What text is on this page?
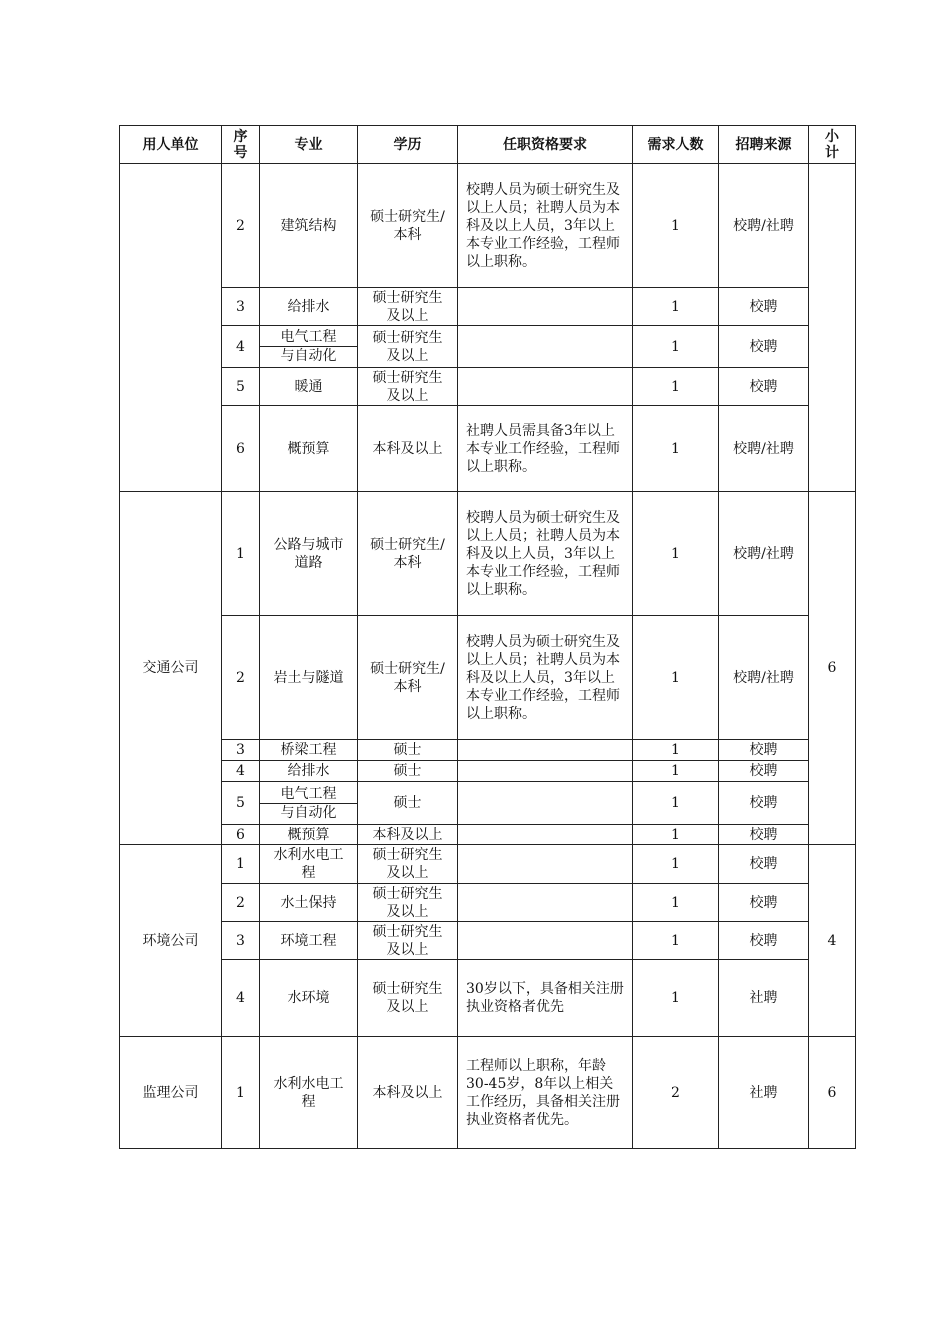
用人单位	序号	专业	学历	任职资格要求	需求人数	招聘来源	小计
	2	建筑结构	硕士研究生/本科	校聘人员为硕士研究生及以上人员；社聘人员为本科及以上人员，3年以上本专业工作经验，工程师以上职称。	1	校聘/社聘	
	3	给排水	硕士研究生及以上		1	校聘	
	4	电气工程
与自动化	硕士研究生及以上		1	校聘	
	5	暖通	硕士研究生及以上		1	校聘	
	6	概预算	本科及以上	社聘人员需具备3年以上本专业工作经验，工程师以上职称。	1	校聘/社聘	
交通公司	1	公路与城市道路	硕士研究生/本科	校聘人员为硕士研究生及以上人员；社聘人员为本科及以上人员，3年以上本专业工作经验，工程师以上职称。	1	校聘/社聘	6
	2	岩土与隧道	硕士研究生/本科	校聘人员为硕士研究生及以上人员；社聘人员为本科及以上人员，3年以上本专业工作经验，工程师以上职称。	1	校聘/社聘	
	3	桥梁工程	硕士		1	校聘	
	4	给排水	硕士		1	校聘	
	5	电气工程
与自动化	硕士		1	校聘	
	6	概预算	本科及以上		1	校聘	
环境公司	1	水利水电工程	硕士研究生及以上		1	校聘	4
	2	水土保持	硕士研究生及以上		1	校聘	
	3	环境工程	硕士研究生及以上		1	校聘	
	4	水环境	硕士研究生及以上	30岁以下，具备相关注册执业资格者优先	1	社聘	
监理公司	1	水利水电工程	本科及以上	工程师以上职称，年龄30-45岁，8年以上相关工作经历，具备相关注册执业资格者优先。	2	社聘	6
